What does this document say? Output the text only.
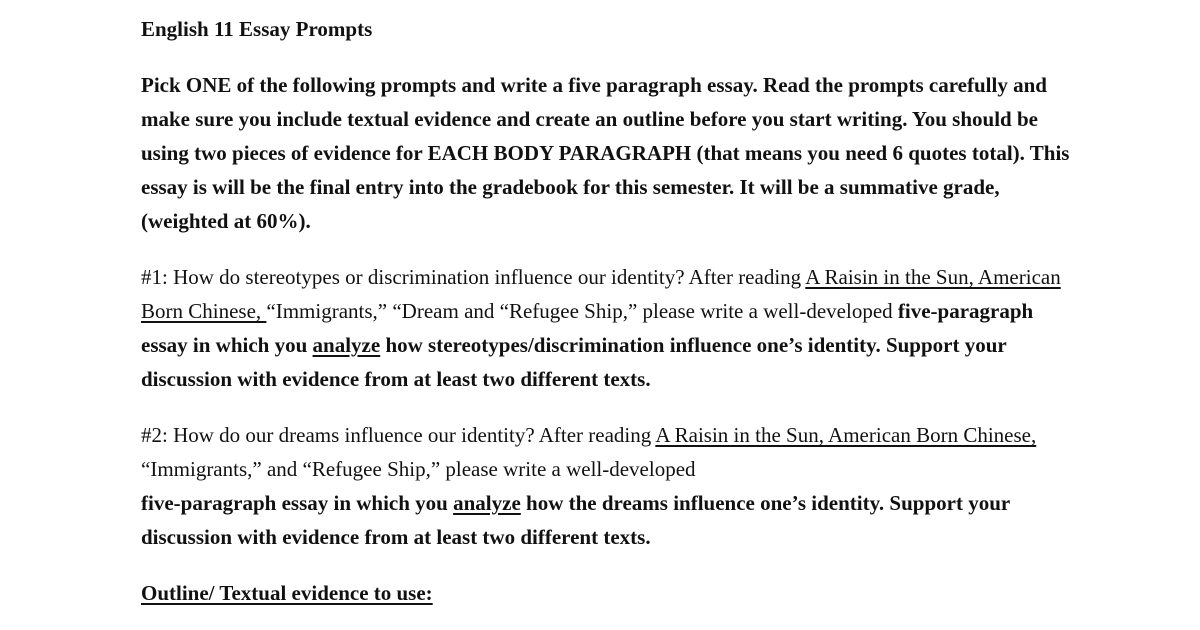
English 11 Essay Prompts
Pick ONE of the following prompts and write a five paragraph essay. Read the prompts carefully and make sure you include textual evidence and create an outline before you start writing. You should be using two pieces of evidence for EACH BODY PARAGRAPH (that means you need 6 quotes total). This essay is will be the final entry into the gradebook for this semester. It will be a summative grade, (weighted at 60%).
#1: How do stereotypes or discrimination influence our identity? After reading A Raisin in the Sun, American Born Chinese, “Immigrants,” “Dream and “Refugee Ship,” please write a well-developed five-paragraph essay in which you analyze how stereotypes/discrimination influence one’s identity. Support your discussion with evidence from at least two different texts.
#2: How do our dreams influence our identity? After reading A Raisin in the Sun, American Born Chinese, “Immigrants,” and “Refugee Ship,” please write a well-developed
five-paragraph essay in which you analyze how the dreams influence one’s identity. Support your discussion with evidence from at least two different texts.
Outline/ Textual evidence to use:
